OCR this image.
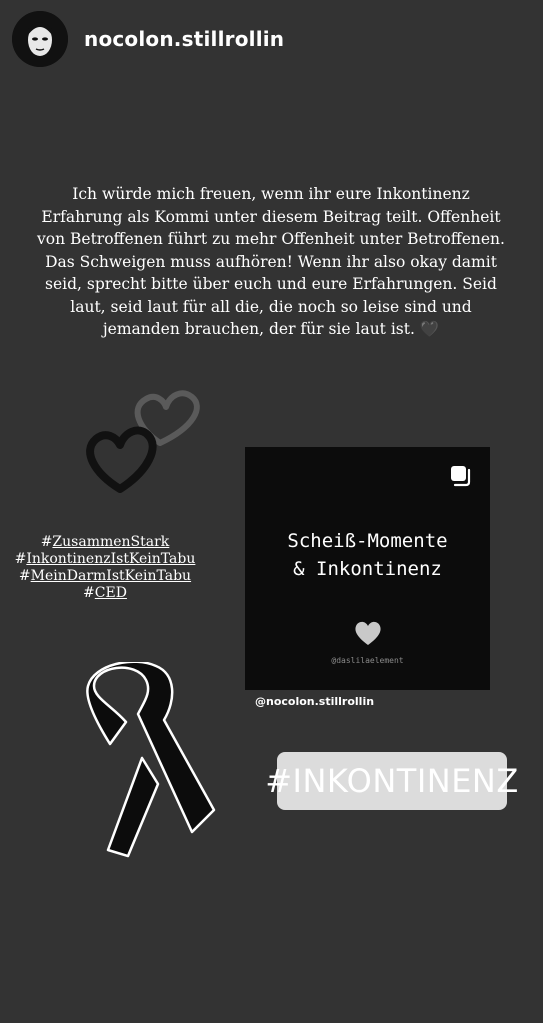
nocolon.stillrollin
Ich würde mich freuen, wenn ihr eure Inkontinenz Erfahrung als Kommi unter diesem Beitrag teilt. Offenheit von Betroffenen führt zu mehr Offenheit unter Betroffenen. Das Schweigen muss aufhören! Wenn ihr also okay damit seid, sprecht bitte über euch und eure Erfahrungen. Seid laut, seid laut für all die, die noch so leise sind und jemanden brauchen, der für sie laut ist. 🖤
#ZusammenStark
#InkontinenzIstKeinTabu
#MeinDarmIstKeinTabu
#CED
Scheiß-Momente
& Inkontinenz
@daslilaelement
@nocolon.stillrollin
#INKONTINENZ
